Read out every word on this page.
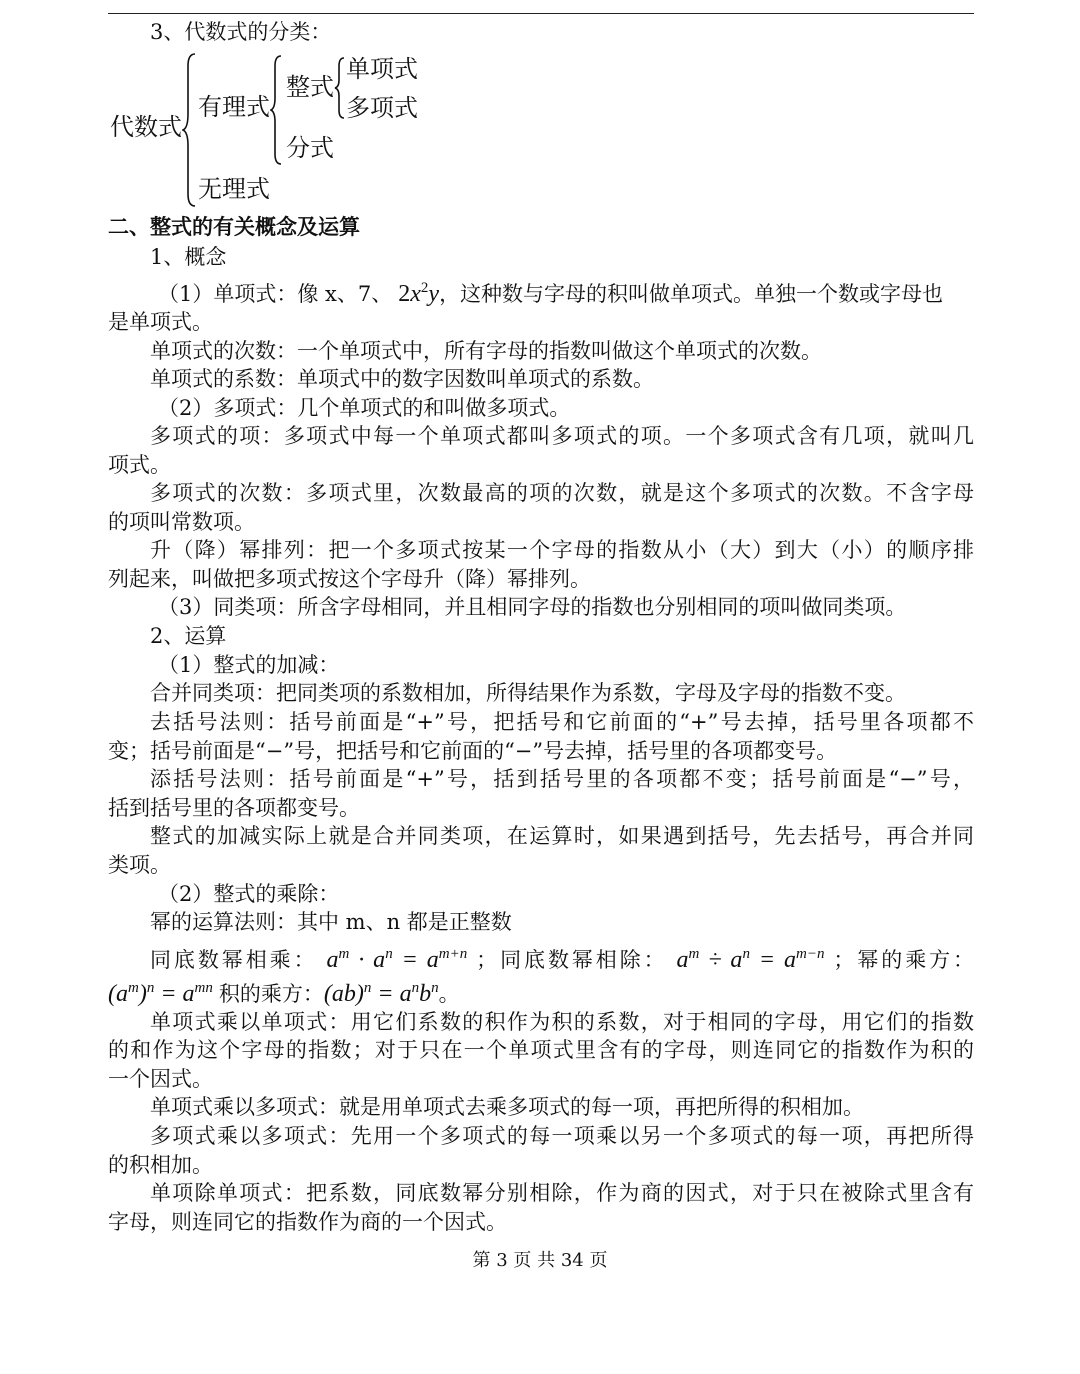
3、代数式的分类：
代数式
有理式
整式
单项式
多项式
分式
无理式
二、整式的有关概念及运算
1、概念
（1）单项式：像 x、7、 $2x^2y$，这种数与字母的积叫做单项式。单独一个数或字母也
是单项式。
单项式的次数：一个单项式中，所有字母的指数叫做这个单项式的次数。
单项式的系数：单项式中的数字因数叫单项式的系数。
（2）多项式：几个单项式的和叫做多项式。
多项式的项：多项式中每一个单项式都叫多项式的项。一个多项式含有几项，就叫几
项式。
多项式的次数：多项式里，次数最高的项的次数，就是这个多项式的次数。不含字母
的项叫常数项。
升（降）幂排列：把一个多项式按某一个字母的指数从小（大）到大（小）的顺序排
列起来，叫做把多项式按这个字母升（降）幂排列。
（3）同类项：所含字母相同，并且相同字母的指数也分别相同的项叫做同类项。
2、运算
（1）整式的加减：
合并同类项：把同类项的系数相加，所得结果作为系数，字母及字母的指数不变。
去括号法则：括号前面是“+”号，把括号和它前面的“+”号去掉，括号里各项都不
变；括号前面是“−”号，把括号和它前面的“−”号去掉，括号里的各项都变号。
添括号法则：括号前面是“+”号，括到括号里的各项都不变；括号前面是“−”号，
括到括号里的各项都变号。
整式的加减实际上就是合并同类项，在运算时，如果遇到括号，先去括号，再合并同
类项。
（2）整式的乘除：
幂的运算法则：其中 m、n 都是正整数
同底数幂相乘： $a^m \cdot a^n = a^{m+n}$ ；同底数幂相除： $a^m \div a^n = a^{m-n}$ ；幂的乘方：
$(a^m)^n = a^{mn}$ 积的乘方：$(ab)^n = a^nb^n$。
单项式乘以单项式：用它们系数的积作为积的系数，对于相同的字母，用它们的指数
的和作为这个字母的指数；对于只在一个单项式里含有的字母，则连同它的指数作为积的
一个因式。
单项式乘以多项式：就是用单项式去乘多项式的每一项，再把所得的积相加。
多项式乘以多项式：先用一个多项式的每一项乘以另一个多项式的每一项，再把所得
的积相加。
单项除单项式：把系数，同底数幂分别相除，作为商的因式，对于只在被除式里含有
字母，则连同它的指数作为商的一个因式。
第 3 页 共 34 页
